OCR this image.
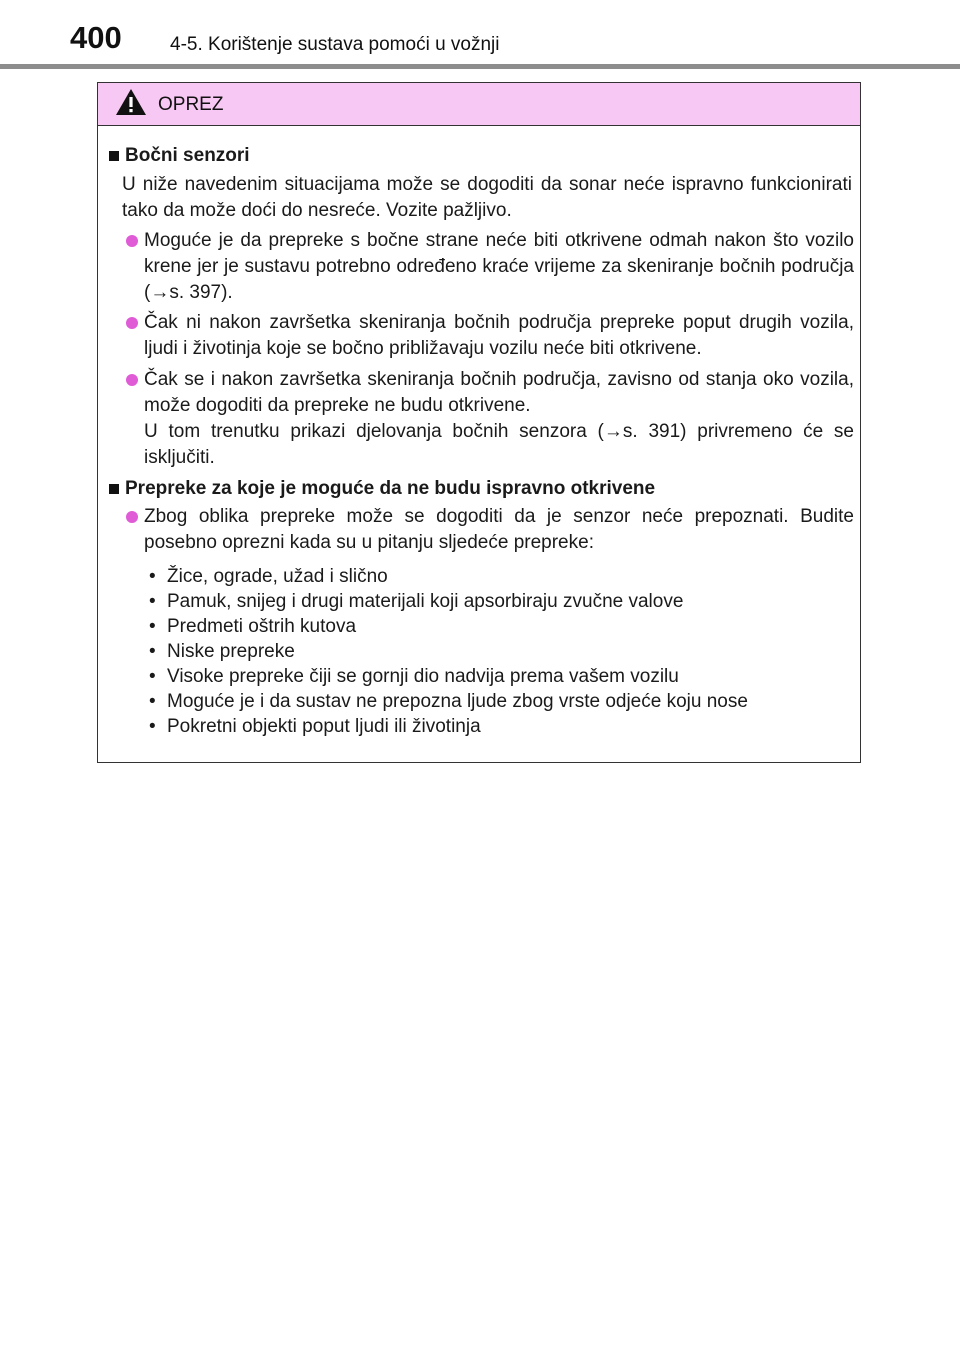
400	4-5. Korištenje sustava pomoći u vožnji
OPREZ
Bočni senzori
U niže navedenim situacijama može se dogoditi da sonar neće ispravno funkcionirati tako da može doći do nesreće. Vozite pažljivo.
Moguće je da prepreke s bočne strane neće biti otkrivene odmah nakon što vozilo krene jer je sustavu potrebno određeno kraće vrijeme za skeniranje bočnih područja (→s. 397).
Čak ni nakon završetka skeniranja bočnih područja prepreke poput drugih vozila, ljudi i životinja koje se bočno približavaju vozilu neće biti otkrivene.
Čak se i nakon završetka skeniranja bočnih područja, zavisno od stanja oko vozila, može dogoditi da prepreke ne budu otkrivene.
U tom trenutku prikazi djelovanja bočnih senzora (→s. 391) privremeno će se isključiti.
Prepreke za koje je moguće da ne budu ispravno otkrivene
Zbog oblika prepreke može se dogoditi da je senzor neće prepoznati. Budite posebno oprezni kada su u pitanju sljedeće prepreke:
• Žice, ograde, užad i slično
• Pamuk, snijeg i drugi materijali koji apsorbiraju zvučne valove
• Predmeti oštrih kutova
• Niske prepreke
• Visoke prepreke čiji se gornji dio nadvija prema vašem vozilu
• Moguće je i da sustav ne prepozna ljude zbog vrste odjeće koju nose
• Pokretni objekti poput ljudi ili životinja
